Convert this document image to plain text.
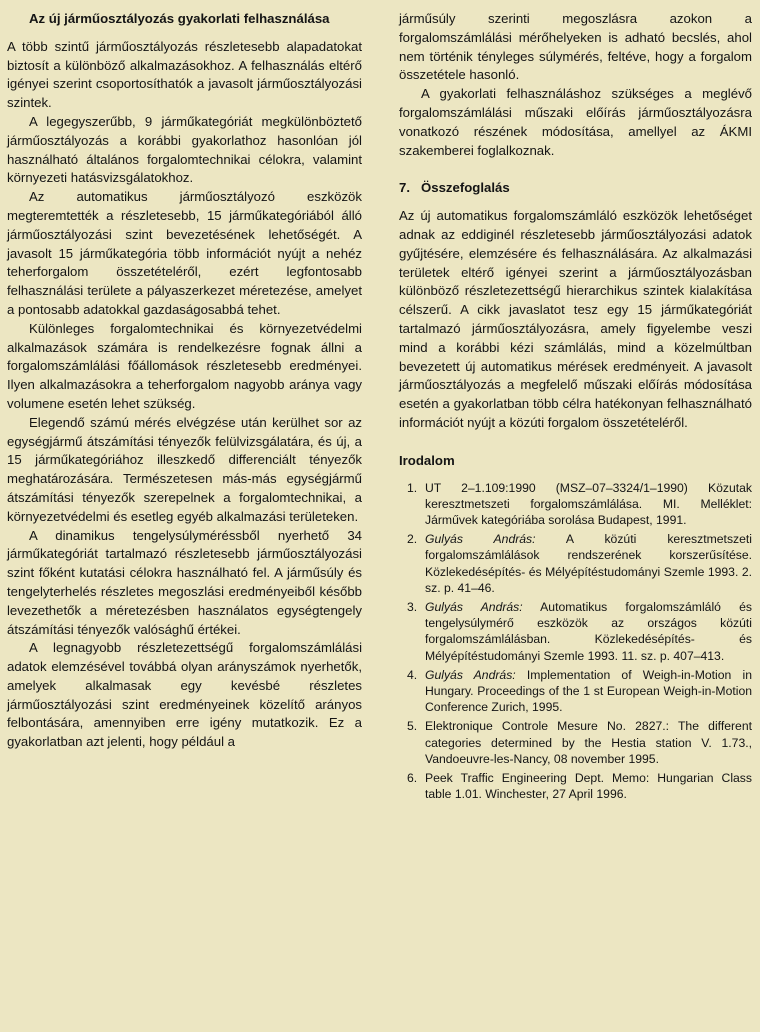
Az új járműosztályozás gyakorlati felhasználása

A több szintű járműosztályozás részletesebb alapadatokat biztosít a különböző alkalmazásokhoz. A felhasználás eltérő igényei szerint csoportosíthatók a javasolt járműosztályozási szintek.

A legegyszerűbb, 9 járműkategóriát megkülönböztető járműosztályozás a korábbi gyakorlathoz hasonlóan jól használható általános forgalomtechnikai célokra, valamint környezeti hatásvizsgálatokhoz.

Az automatikus járműosztályozó eszközök megteremtették a részletesebb, 15 járműkategóriából álló járműosztályozási szint bevezetésének lehetőségét. A javasolt 15 járműkategória több információt nyújt a nehéz teherforgalom összetételéről, ezért legfontosabb felhasználási területe a pályaszerkezet méretezése, amelyet a pontosabb adatokkal gazdaságosabbá tehet.

Különleges forgalomtechnikai és környezetvédelmi alkalmazások számára is rendelkezésre fognak állni a forgalomszámlálási főállomások részletesebb eredményei. Ilyen alkalmazásokra a teherforgalom nagyobb aránya vagy volumene esetén lehet szükség.

Elegendő számú mérés elvégzése után kerülhet sor az egységjármű átszámítási tényezők felülvizsgálatára, és új, a 15 járműkategóriához illeszkedő differenciált tényezők meghatározására. Természetesen más-más egységjármű átszámítási tényezők szerepelnek a forgalomtechnikai, a környezetvédelmi és esetleg egyéb alkalmazási területeken.

A dinamikus tengelysúlyméréssből nyerhető 34 járműkategóriát tartalmazó részletesebb járműosztályozási szint főként kutatási célokra használható fel. A járműsúly és tengelyterhelés részletes megoszlási eredményeiből később levezethetők a méretezésben használatos egységtengely átszámítási tényezők valósághű értékei.

A legnagyobb részletezettségű forgalomszámlálási adatok elemzésével továbbá olyan arányszámok nyerhetők, amelyek alkalmasak egy kevésbé részletes járműosztályozási szint eredményeinek közelítő arányos felbontására, amennyiben erre igény mutatkozik. Ez a gyakorlatban azt jelenti, hogy például a

járműsúly szerinti megoszlásra azokon a forgalomszámlálási mérőhelyeken is adható becslés, ahol nem történik tényleges súlymérés, feltéve, hogy a forgalom összetétele hasonló.

A gyakorlati felhasználáshoz szükséges a meglévő forgalomszámlálási műszaki előírás járműosztályozásra vonatkozó részének módosítása, amellyel az ÁKMI szakemberei foglalkoznak.

7. Összefoglalás

Az új automatikus forgalomszámláló eszközök lehetőséget adnak az eddiginél részletesebb járműosztályozási adatok gyűjtésére, elemzésére és felhasználására. Az alkalmazási területek eltérő igényei szerint a járműosztályozásban különböző részletezettségű hierarchikus szintek kialakítása célszerű. A cikk javaslatot tesz egy 15 járműkategóriát tartalmazó járműosztályozásra, amely figyelembe veszi mind a korábbi kézi számlálás, mind a közelmúltban bevezetett új automatikus mérések eredményeit. A javasolt járműosztályozás a megfelelő műszaki előírás módosítása esetén a gyakorlatban több célra hatékonyan felhasználható információt nyújt a közúti forgalom összetételéről.

Irodalom
1. UT 2–1.109:1990 (MSZ–07–3324/1–1990) Közutak keresztmetszeti forgalomszámlálása. MI. Melléklet: Járművek kategóriába sorolása Budapest, 1991.
2. Gulyás András: A közúti keresztmetszeti forgalomszámlálások rendszerének korszerűsítése. Közlekedésépítés- és Mélyépítéstudományi Szemle 1993. 2. sz. p. 41–46.
3. Gulyás András: Automatikus forgalomszámláló és tengelysúlymérő eszközök az országos közúti forgalomszámlálásban. Közlekedésépítés- és Mélyépítéstudományi Szemle 1993. 11. sz. p. 407–413.
4. Gulyás András: Implementation of Weigh-in-Motion in Hungary. Proceedings of the 1 st European Weigh-in-Motion Conference Zurich, 1995.
5. Elektronique Controle Mesure No. 2827.: The different categories determined by the Hestia station V. 1.73., Vandoeuvre-les-Nancy, 08 november 1995.
6. Peek Traffic Engineering Dept. Memo: Hungarian Class table 1.01. Winchester, 27 April 1996.
